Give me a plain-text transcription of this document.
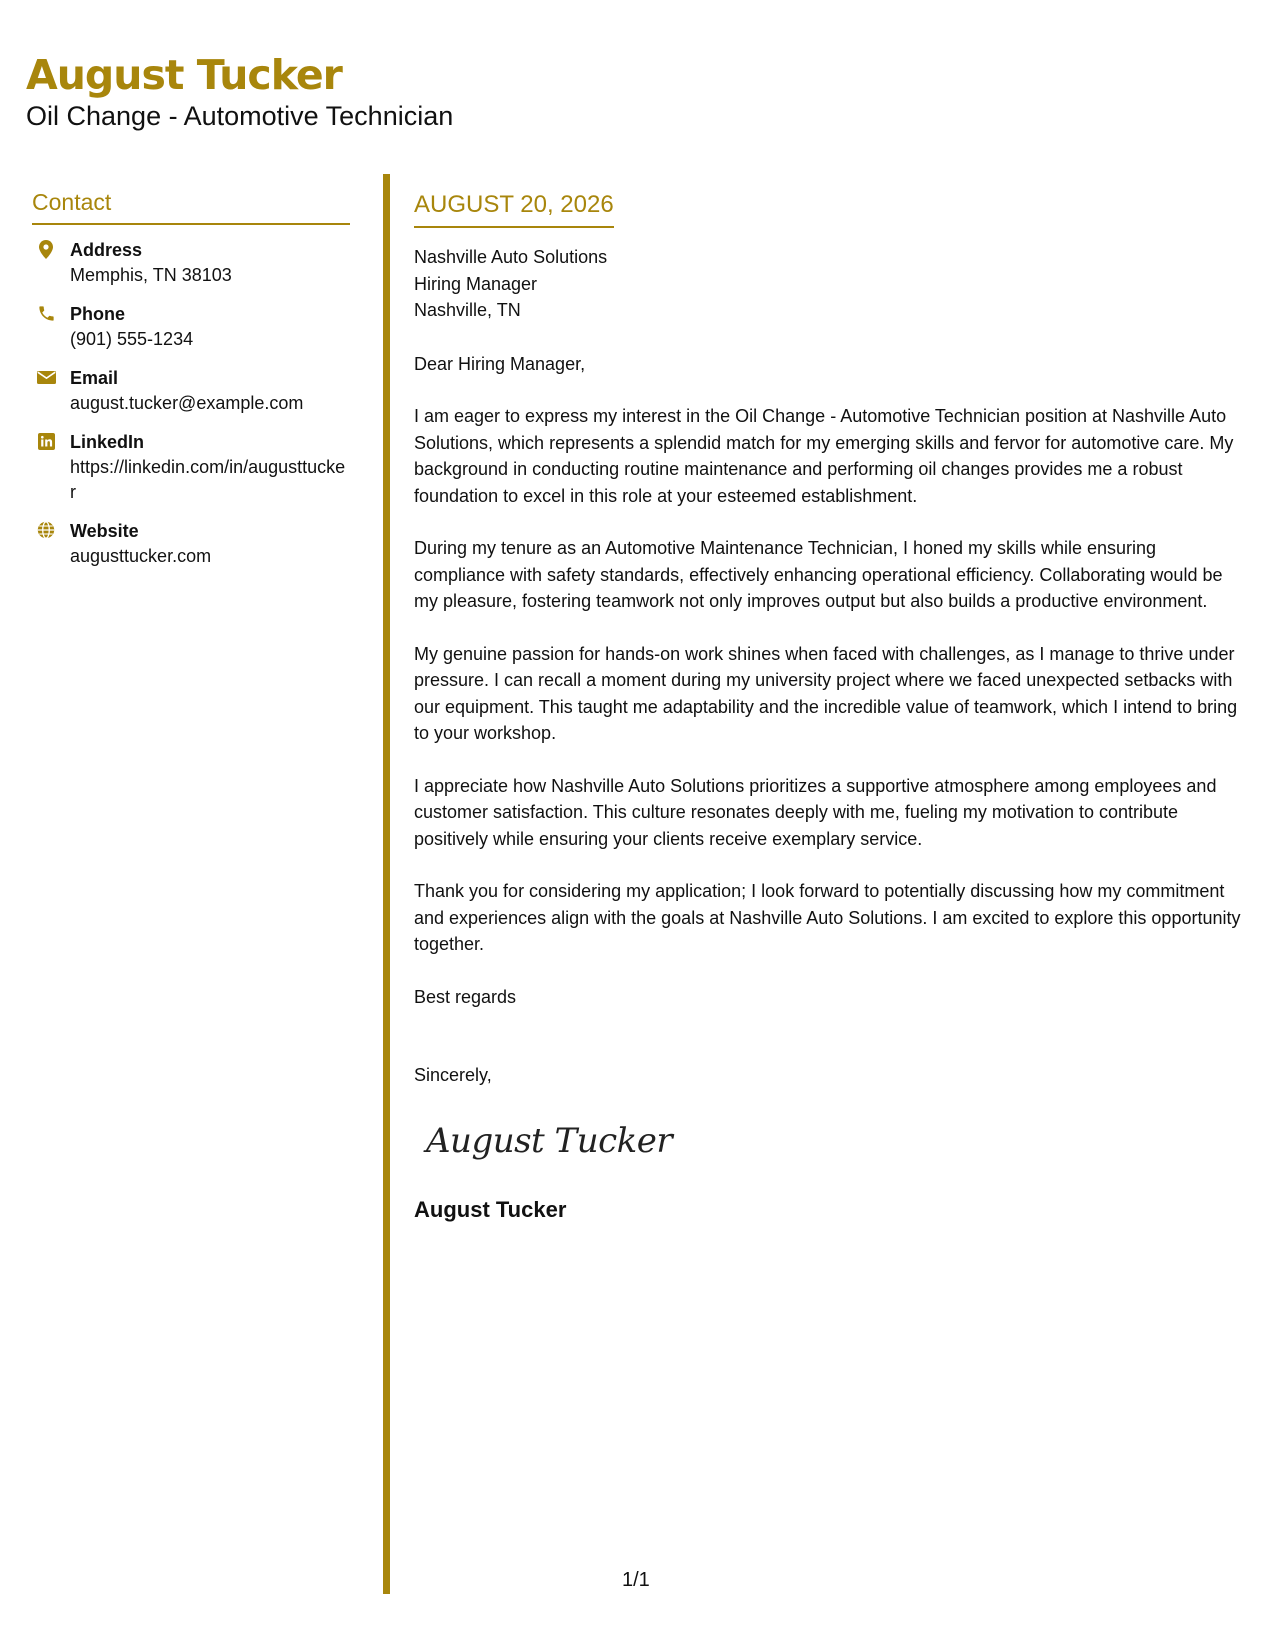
August Tucker
Oil Change - Automotive Technician
Contact
Address
Memphis, TN 38103
Phone
(901) 555-1234
Email
august.tucker@example.com
LinkedIn
https://linkedin.com/in/augusttucker
Website
augusttucker.com
AUGUST 20, 2026
Nashville Auto Solutions
Hiring Manager
Nashville, TN
Dear Hiring Manager,
I am eager to express my interest in the Oil Change - Automotive Technician position at Nashville Auto Solutions, which represents a splendid match for my emerging skills and fervor for automotive care. My background in conducting routine maintenance and performing oil changes provides me a robust foundation to excel in this role at your esteemed establishment.
During my tenure as an Automotive Maintenance Technician, I honed my skills while ensuring compliance with safety standards, effectively enhancing operational efficiency. Collaborating would be my pleasure, fostering teamwork not only improves output but also builds a productive environment.
My genuine passion for hands-on work shines when faced with challenges, as I manage to thrive under pressure. I can recall a moment during my university project where we faced unexpected setbacks with our equipment. This taught me adaptability and the incredible value of teamwork, which I intend to bring to your workshop.
I appreciate how Nashville Auto Solutions prioritizes a supportive atmosphere among employees and customer satisfaction. This culture resonates deeply with me, fueling my motivation to contribute positively while ensuring your clients receive exemplary service.
Thank you for considering my application; I look forward to potentially discussing how my commitment and experiences align with the goals at Nashville Auto Solutions. I am excited to explore this opportunity together.
Best regards
Sincerely,
August Tucker
August Tucker
1/1
